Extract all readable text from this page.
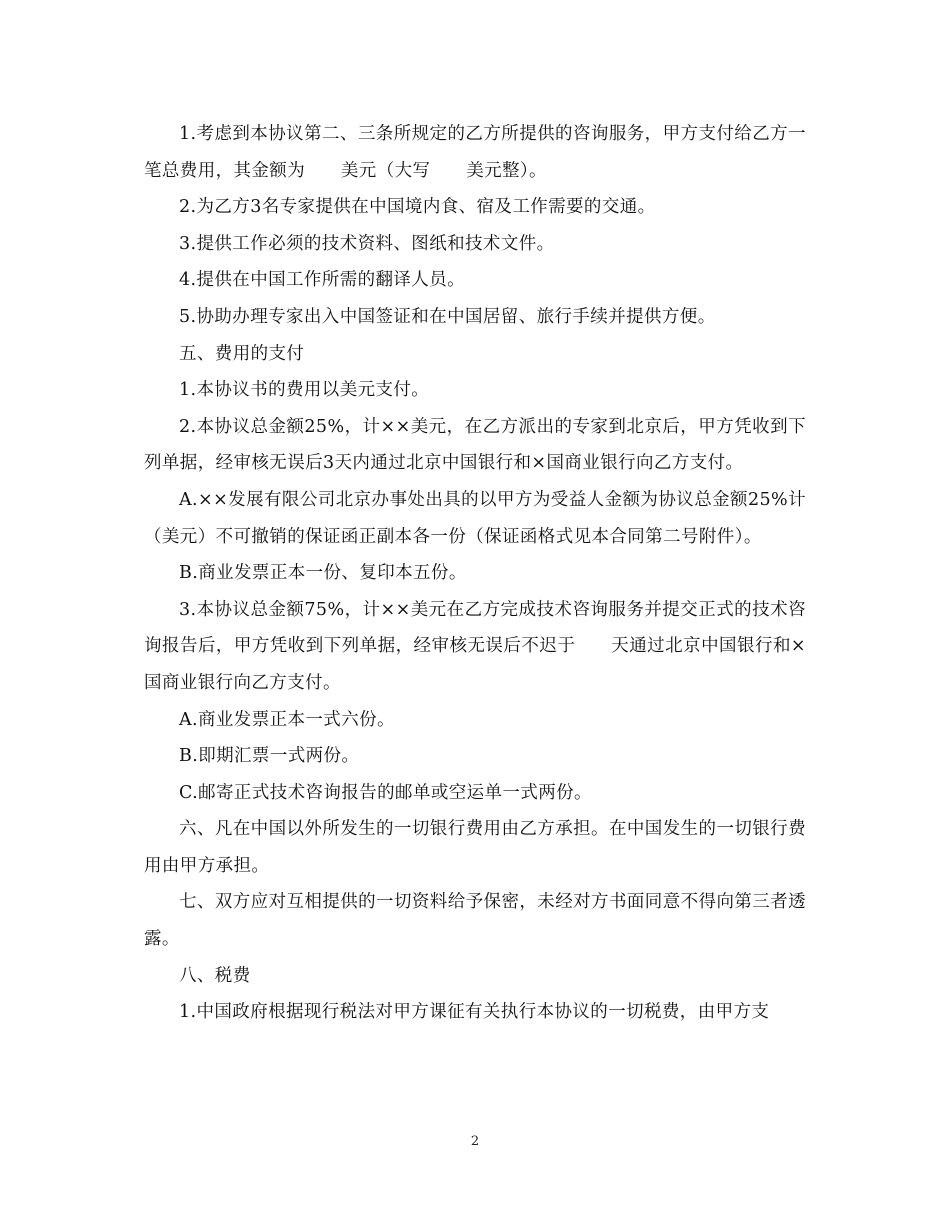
1.考虑到本协议第二、三条所规定的乙方所提供的咨询服务，甲方支付给乙方一笔总费用，其金额为　　美元（大写　　美元整）。

2.为乙方3名专家提供在中国境内食、宿及工作需要的交通。

3.提供工作必须的技术资料、图纸和技术文件。

4.提供在中国工作所需的翻译人员。

5.协助办理专家出入中国签证和在中国居留、旅行手续并提供方便。

五、费用的支付

1.本协议书的费用以美元支付。

2.本协议总金额25%，计××美元，在乙方派出的专家到北京后，甲方凭收到下列单据，经审核无误后3天内通过北京中国银行和×国商业银行向乙方支付。

A.××发展有限公司北京办事处出具的以甲方为受益人金额为协议总金额25%计（美元）不可撤销的保证函正副本各一份（保证函格式见本合同第二号附件）。

B.商业发票正本一份、复印本五份。

3.本协议总金额75%，计××美元在乙方完成技术咨询服务并提交正式的技术咨询报告后，甲方凭收到下列单据，经审核无误后不迟于　　天通过北京中国银行和×国商业银行向乙方支付。

A.商业发票正本一式六份。

B.即期汇票一式两份。

C.邮寄正式技术咨询报告的邮单或空运单一式两份。

六、凡在中国以外所发生的一切银行费用由乙方承担。在中国发生的一切银行费用由甲方承担。

七、双方应对互相提供的一切资料给予保密，未经对方书面同意不得向第三者透露。

八、税费

1.中国政府根据现行税法对甲方课征有关执行本协议的一切税费，由甲方支

2
